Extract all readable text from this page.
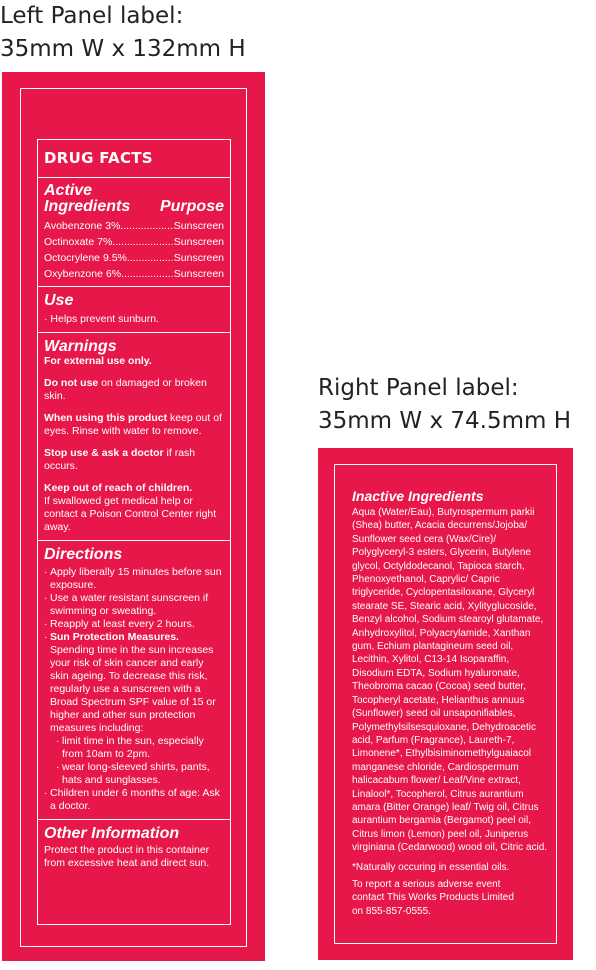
Left Panel label:
35mm W x 132mm H
Right Panel label:
35mm W x 74.5mm H
DRUG FACTS
Active
Ingredients Purpose
Avobenzone 3% .....	Sunscreen
Octinoxate 7% .....	Sunscreen
Octocrylene 9.5% .....	Sunscreen
Oxybenzone 6% .....	Sunscreen
Use
· Helps prevent sunburn.
Warnings
For external use only.
Do not use on damaged or broken skin.
When using this product keep out of eyes. Rinse with water to remove.
Stop use & ask a doctor if rash occurs.
Keep out of reach of children.
If swallowed get medical help or contact a Poison Control Center right away.
Directions
· Apply liberally 15 minutes before sun exposure.
· Use a water resistant sunscreen if swimming or sweating.
· Reapply at least every 2 hours.
· Sun Protection Measures.
Spending time in the sun increases your risk of skin cancer and early skin ageing. To decrease this risk, regularly use a sunscreen with a Broad Spectrum SPF value of 15 or higher and other sun protection measures including:
· limit time in the sun, especially from 10am to 2pm.
· wear long-sleeved shirts, pants, hats and sunglasses.
· Children under 6 months of age: Ask a doctor.
Other Information
Protect the product in this container from excessive heat and direct sun.
Inactive Ingredients
Aqua (Water/Eau), Butyrospermum parkii (Shea) butter, Acacia decurrens/Jojoba/ Sunflower seed cera (Wax/Cire)/ Polyglyceryl-3 esters, Glycerin, Butylene glycol, Octyldodecanol, Tapioca starch, Phenoxyethanol, Caprylic/ Capric triglyceride, Cyclopentasiloxane, Glyceryl stearate SE, Stearic acid, Xylityglucoside, Benzyl alcohol, Sodium stearoyl glutamate, Anhydroxylitol, Polyacrylamide, Xanthan gum, Echium plantagineum seed oil, Lecithin, Xylitol, C13-14 Isoparaffin, Disodium EDTA, Sodium hyaluronate, Theobroma cacao (Cocoa) seed butter, Tocopheryl acetate, Helianthus annuus (Sunflower) seed oil unsaponifiables, Polymethylsilsesquioxane, Dehydroacetic acid, Parfum (Fragrance), Laureth-7, Limonene*, Ethylbisiminomethylguaiacol manganese chloride, Cardiospermum halicacabum flower/ Leaf/Vine extract, Linalool*, Tocopherol, Citrus aurantium amara (Bitter Orange) leaf/ Twig oil, Citrus aurantium bergamia (Bergamot) peel oil, Citrus limon (Lemon) peel oil, Juniperus virginiana (Cedarwood) wood oil, Citric acid.
*Naturally occuring in essential oils.
To report a serious adverse event contact This Works Products Limited on 855-857-0555.
